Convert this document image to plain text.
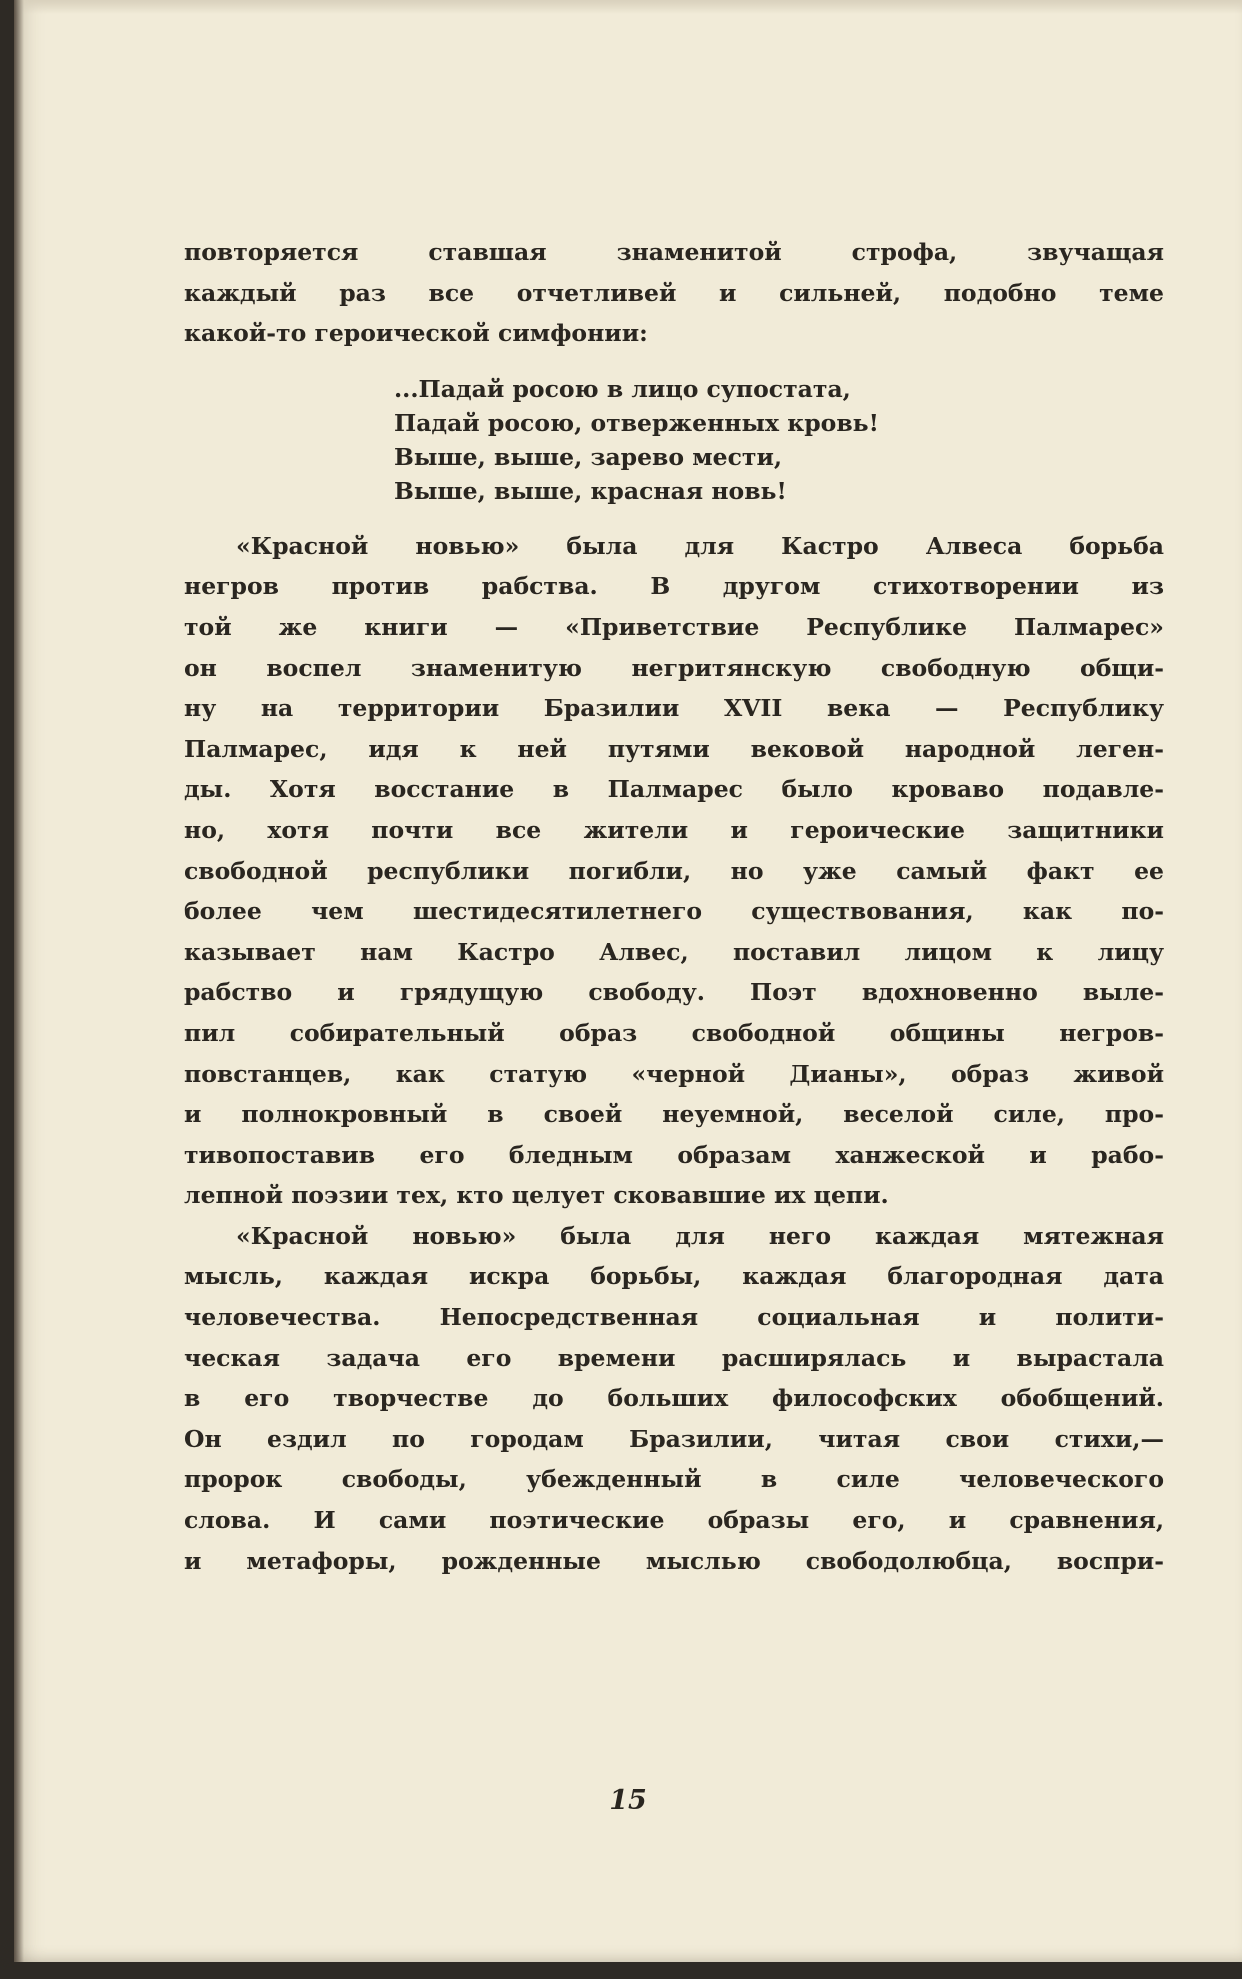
повторяется ставшая знаменитой строфа, звучащая
каждый раз все отчетливей и сильней, подобно теме
какой-то героической симфонии:
...Падай росою в лицо супостата,
Падай росою, отверженных кровь!
Выше, выше, зарево мести,
Выше, выше, красная новь!
«Красной новью» была для Кастро Алвеса борьба
негров против рабства. В другом стихотворении из
той же книги — «Приветствие Республике Палмарес»
он воспел знаменитую негритянскую свободную общи-
ну на территории Бразилии XVII века — Республику
Палмарес, идя к ней путями вековой народной леген-
ды. Хотя восстание в Палмарес было кроваво подавле-
но, хотя почти все жители и героические защитники
свободной республики погибли, но уже самый факт ее
более чем шестидесятилетнего существования, как по-
казывает нам Кастро Алвес, поставил лицом к лицу
рабство и грядущую свободу. Поэт вдохновенно выле-
пил собирательный образ свободной общины негров-
повстанцев, как статую «черной Дианы», образ живой
и полнокровный в своей неуемной, веселой силе, про-
тивопоставив его бледным образам ханжеской и рабо-
лепной поэзии тех, кто целует сковавшие их цепи.
«Красной новью» была для него каждая мятежная
мысль, каждая искра борьбы, каждая благородная дата
человечества. Непосредственная социальная и полити-
ческая задача его времени расширялась и вырастала
в его творчестве до больших философских обобщений.
Он ездил по городам Бразилии, читая свои стихи,—
пророк свободы, убежденный в силе человеческого
слова. И сами поэтические образы его, и сравнения,
и метафоры, рожденные мыслью свободолюбца, воспри-
15
